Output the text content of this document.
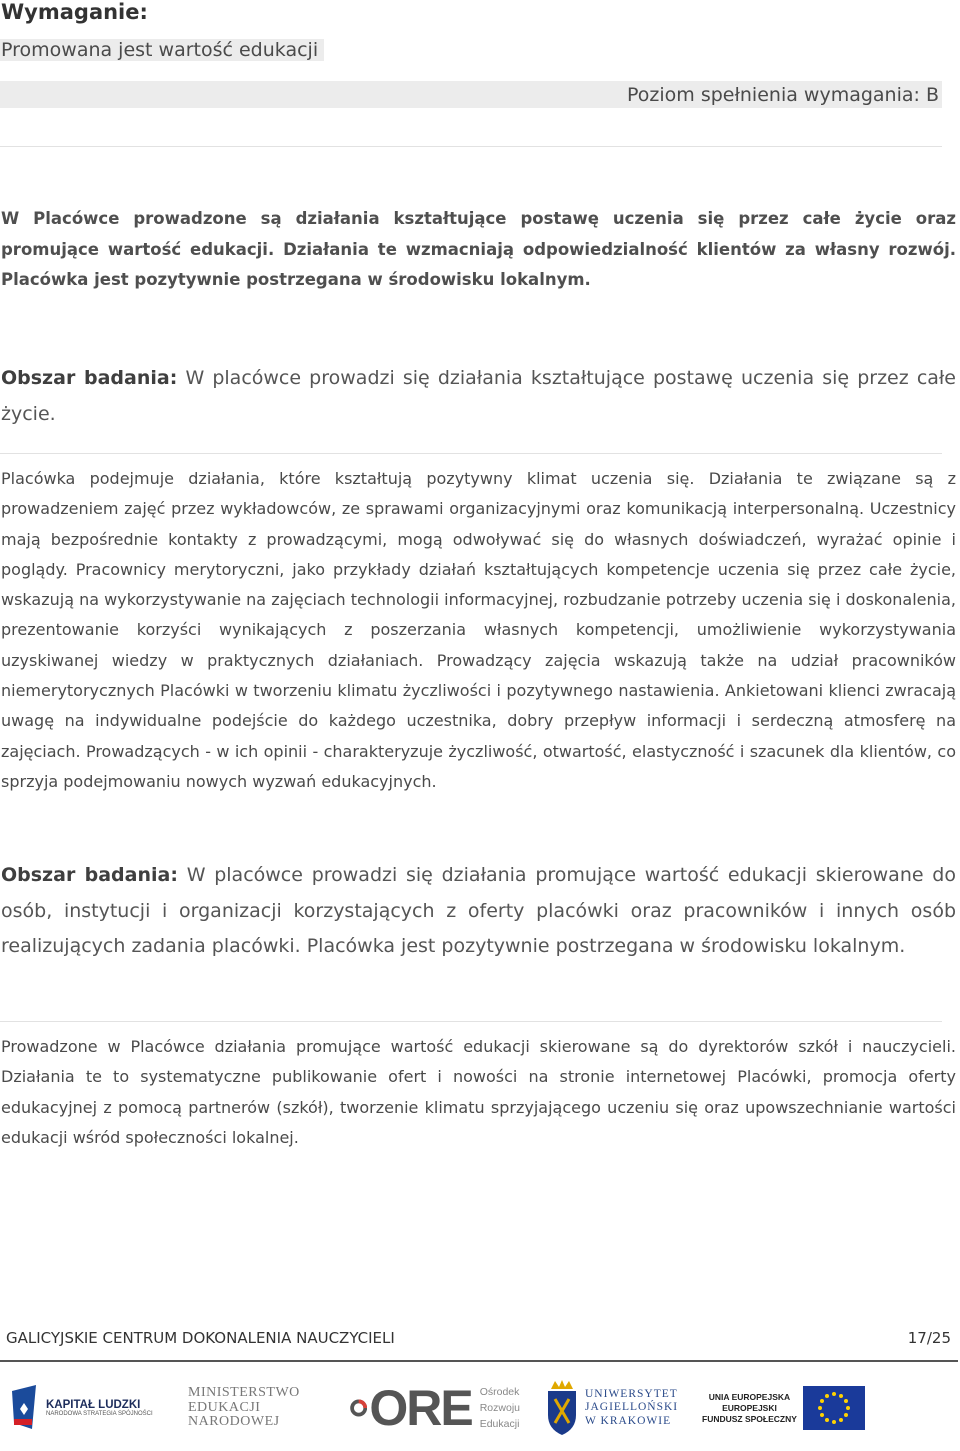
Wymaganie:
Promowana jest wartość edukacji
Poziom spełnienia wymagania: B

W Placówce prowadzone są działania kształtujące postawę uczenia się przez całe życie oraz promujące wartość edukacji. Działania te wzmacniają odpowiedzialność klientów za własny rozwój. Placówka jest pozytywnie postrzegana w środowisku lokalnym.

Obszar badania: W placówce prowadzi się działania kształtujące postawę uczenia się przez całe życie.

Placówka podejmuje działania, które kształtują pozytywny klimat uczenia się. Działania te związane są z prowadzeniem zajęć przez wykładowców, ze sprawami organizacyjnymi oraz komunikacją interpersonalną. Uczestnicy mają bezpośrednie kontakty z prowadzącymi, mogą odwoływać się do własnych doświadczeń, wyrażać opinie i poglądy. Pracownicy merytoryczni, jako przykłady działań kształtujących kompetencje uczenia się przez całe życie, wskazują na wykorzystywanie na zajęciach technologii informacyjnej, rozbudzanie potrzeby uczenia się i doskonalenia, prezentowanie korzyści wynikających z poszerzania własnych kompetencji, umożliwienie wykorzystywania uzyskiwanej wiedzy w praktycznych działaniach. Prowadzący zajęcia wskazują także na udział pracowników niemerytorycznych Placówki w tworzeniu klimatu życzliwości i pozytywnego nastawienia. Ankietowani klienci zwracają uwagę na indywidualne podejście do każdego uczestnika, dobry przepływ informacji i serdeczną atmosferę na zajęciach. Prowadzących - w ich opinii - charakteryzuje życzliwość, otwartość, elastyczność i szacunek dla klientów, co sprzyja podejmowaniu nowych wyzwań edukacyjnych.

Obszar badania: W placówce prowadzi się działania promujące wartość edukacji skierowane do osób, instytucji i organizacji korzystających z oferty placówki oraz pracowników i innych osób realizujących zadania placówki. Placówka jest pozytywnie postrzegana w środowisku lokalnym.

Prowadzone w Placówce działania promujące wartość edukacji skierowane są do dyrektorów szkół i nauczycieli. Działania te to systematyczne publikowanie ofert i nowości na stronie internetowej Placówki, promocja oferty edukacyjnej z pomocą partnerów (szkół), tworzenie klimatu sprzyjającego uczeniu się oraz upowszechnianie wartości edukacji wśród społeczności lokalnej.

GALICYJSKIE CENTRUM DOKONALENIA NAUCZYCIELI	17/25
KAPITAŁ LUDZKI
NARODOWA STRATEGIA SPÓJNOŚCI
MINISTERSTWO
EDUKACJI
NARODOWEJ	ORE Ośrodek
Rozwoju
Edukacji
UNIWERSYTET
JAGIELLOŃSKI
W KRAKOWIE
UNIA EUROPEJSKA
EUROPEJSKI
FUNDUSZ SPOŁECZNY
